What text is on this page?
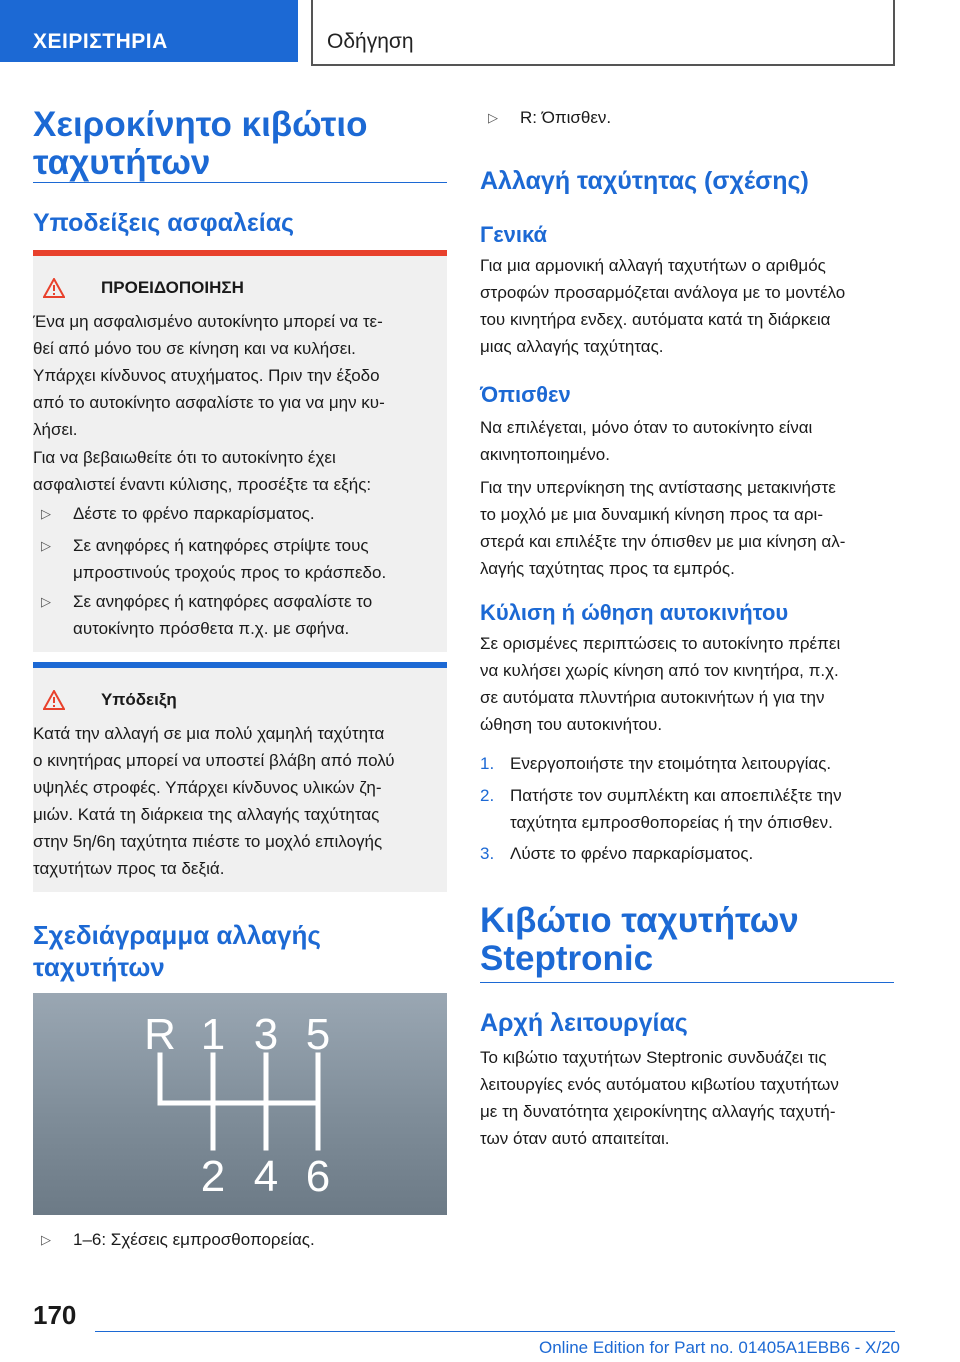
ΧΕΙΡΙΣΤΗΡΙΑ	Οδήγηση
Χειροκίνητο κιβώτιο
ταχυτήτων
Υποδείξεις ασφαλείας
ΠΡΟΕΙΔΟΠΟΙΗΣΗ
Ένα μη ασφαλισμένο αυτοκίνητο μπορεί να τε-
θεί από μόνο του σε κίνηση και να κυλήσει.
Υπάρχει κίνδυνος ατυχήματος. Πριν την έξοδο
από το αυτοκίνητο ασφαλίστε το για να μην κυ-
λήσει.
Για να βεβαιωθείτε ότι το αυτοκίνητο έχει
ασφαλιστεί έναντι κύλισης, προσέξτε τα εξής:
▷ Δέστε το φρένο παρκαρίσματος.
▷ Σε ανηφόρες ή κατηφόρες στρίψτε τους
μπροστινούς τροχούς προς το κράσπεδο.
▷ Σε ανηφόρες ή κατηφόρες ασφαλίστε το
αυτοκίνητο πρόσθετα π.χ. με σφήνα.
Υπόδειξη
Κατά την αλλαγή σε μια πολύ χαμηλή ταχύτητα
ο κινητήρας μπορεί να υποστεί βλάβη από πολύ
υψηλές στροφές. Υπάρχει κίνδυνος υλικών ζη-
μιών. Κατά τη διάρκεια της αλλαγής ταχύτητας
στην 5η/6η ταχύτητα πιέστε το μοχλό επιλογής
ταχυτήτων προς τα δεξιά.
Σχεδιάγραμμα αλλαγής
ταχυτήτων
R 1 3 5
2 4 6
▷ 1–6: Σχέσεις εμπροσθοπορείας.
▷ R: Όπισθεν.
Αλλαγή ταχύτητας (σχέσης)
Γενικά
Για μια αρμονική αλλαγή ταχυτήτων ο αριθμός
στροφών προσαρμόζεται ανάλογα με το μοντέλο
του κινητήρα ενδεχ. αυτόματα κατά τη διάρκεια
μιας αλλαγής ταχύτητας.
Όπισθεν
Να επιλέγεται, μόνο όταν το αυτοκίνητο είναι
ακινητοποιημένο.
Για την υπερνίκηση της αντίστασης μετακινήστε
το μοχλό με μια δυναμική κίνηση προς τα αρι-
στερά και επιλέξτε την όπισθεν με μια κίνηση αλ-
λαγής ταχύτητας προς τα εμπρός.
Κύλιση ή ώθηση αυτοκινήτου
Σε ορισμένες περιπτώσεις το αυτοκίνητο πρέπει
να κυλήσει χωρίς κίνηση από τον κινητήρα, π.χ.
σε αυτόματα πλυντήρια αυτοκινήτων ή για την
ώθηση του αυτοκινήτου.
1. Ενεργοποιήστε την ετοιμότητα λειτουργίας.
2. Πατήστε τον συμπλέκτη και αποεπιλέξτε την
ταχύτητα εμπροσθοπορείας ή την όπισθεν.
3. Λύστε το φρένο παρκαρίσματος.
Κιβώτιο ταχυτήτων
Steptronic
Αρχή λειτουργίας
Το κιβώτιο ταχυτήτων Steptronic συνδυάζει τις
λειτουργίες ενός αυτόματου κιβωτίου ταχυτήτων
με τη δυνατότητα χειροκίνητης αλλαγής ταχυτή-
των όταν αυτό απαιτείται.
170
Online Edition for Part no. 01405A1EBB6 - X/20
